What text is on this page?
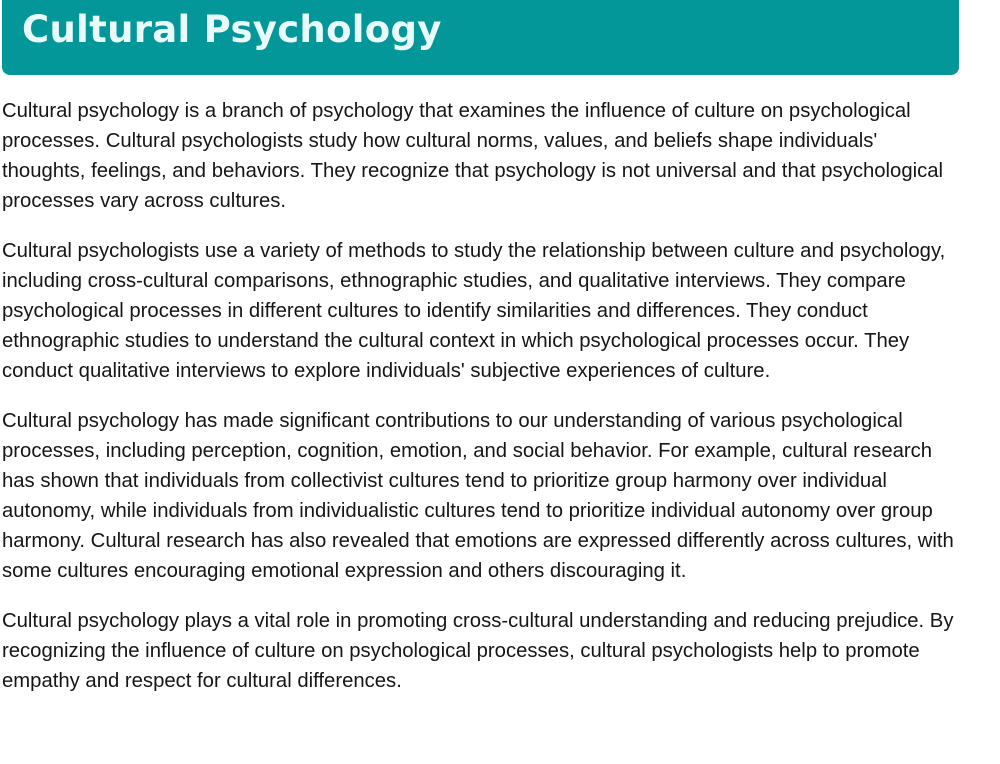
Cultural Psychology

Cultural psychology is a branch of psychology that examines the influence of culture on psychological processes. Cultural psychologists study how cultural norms, values, and beliefs shape individuals' thoughts, feelings, and behaviors. They recognize that psychology is not universal and that psychological processes vary across cultures.

Cultural psychologists use a variety of methods to study the relationship between culture and psychology, including cross-cultural comparisons, ethnographic studies, and qualitative interviews. They compare psychological processes in different cultures to identify similarities and differences. They conduct ethnographic studies to understand the cultural context in which psychological processes occur. They conduct qualitative interviews to explore individuals' subjective experiences of culture.

Cultural psychology has made significant contributions to our understanding of various psychological processes, including perception, cognition, emotion, and social behavior. For example, cultural research has shown that individuals from collectivist cultures tend to prioritize group harmony over individual autonomy, while individuals from individualistic cultures tend to prioritize individual autonomy over group harmony. Cultural research has also revealed that emotions are expressed differently across cultures, with some cultures encouraging emotional expression and others discouraging it.

Cultural psychology plays a vital role in promoting cross-cultural understanding and reducing prejudice. By recognizing the influence of culture on psychological processes, cultural psychologists help to promote empathy and respect for cultural differences.
